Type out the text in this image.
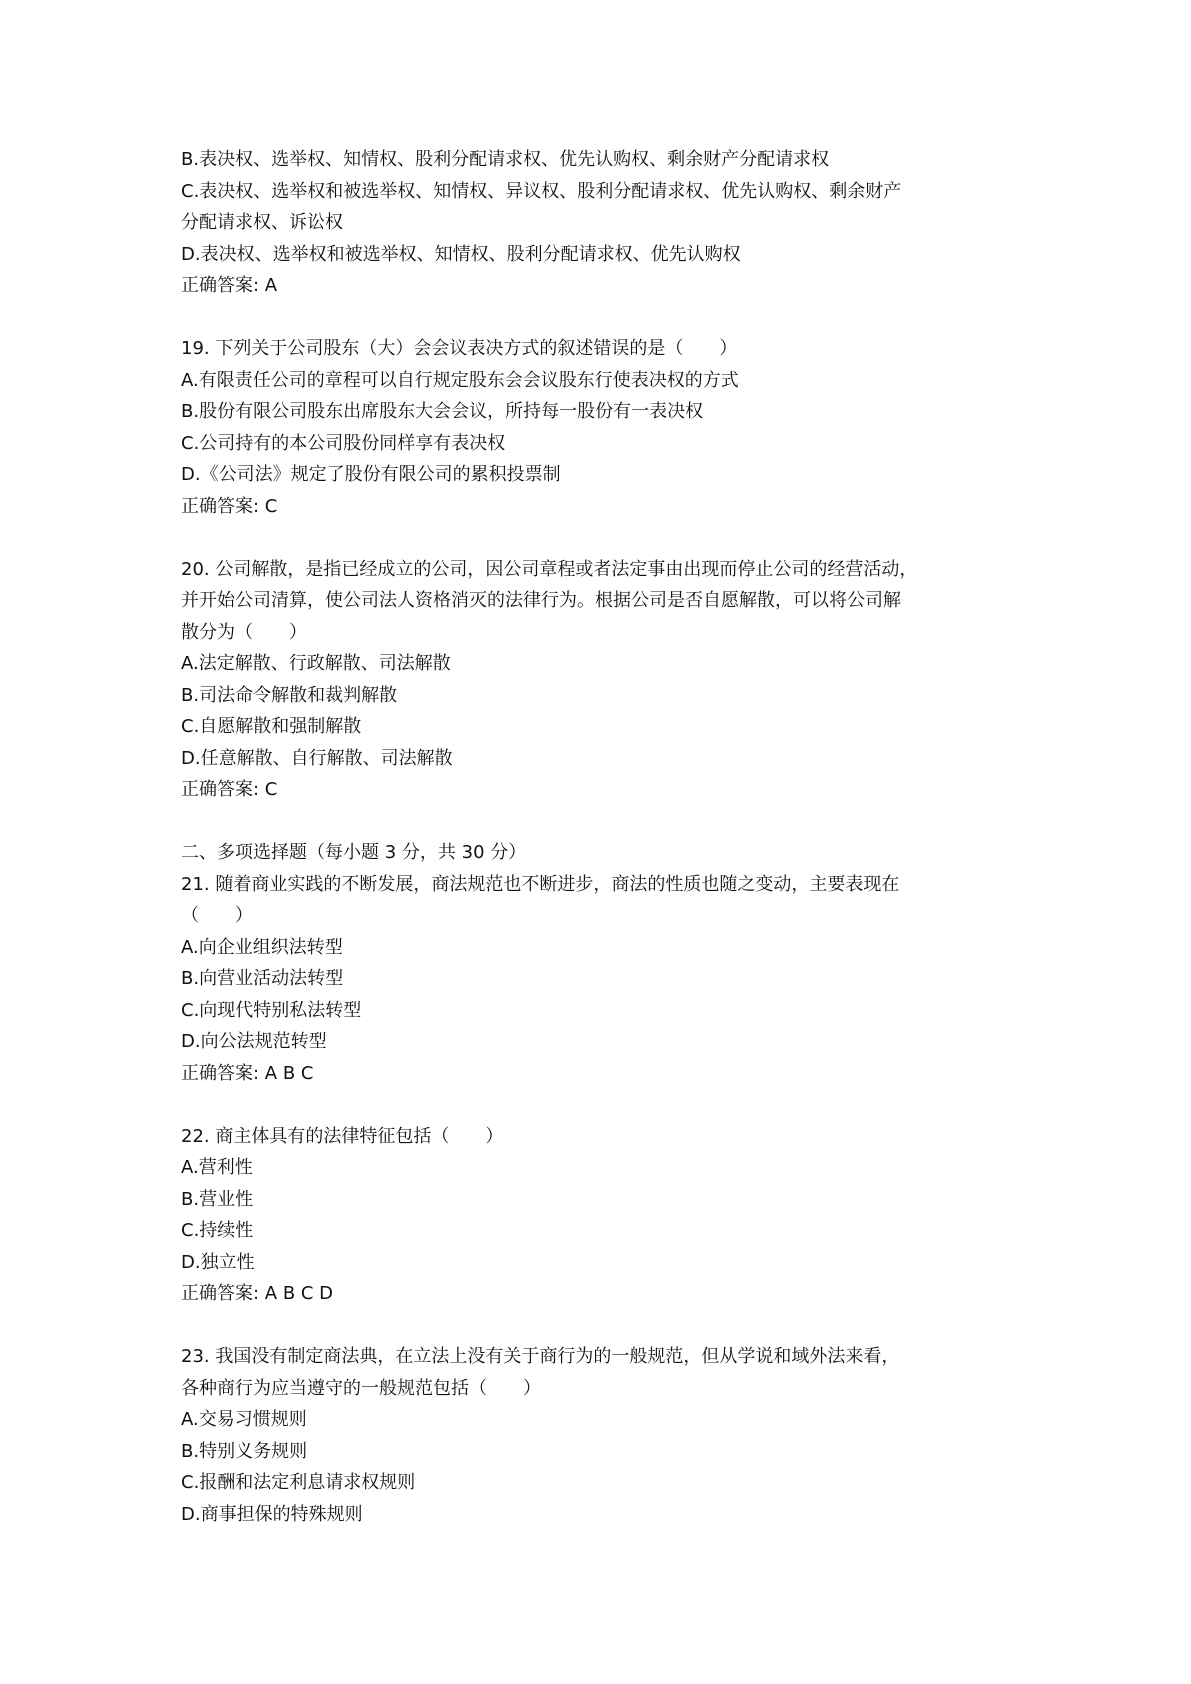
B.表决权、选举权、知情权、股利分配请求权、优先认购权、剩余财产分配请求权
C.表决权、选举权和被选举权、知情权、异议权、股利分配请求权、优先认购权、剩余财产
分配请求权、诉讼权
D.表决权、选举权和被选举权、知情权、股利分配请求权、优先认购权
正确答案: A
19. 下列关于公司股东（大）会会议表决方式的叙述错误的是（　　）
A.有限责任公司的章程可以自行规定股东会会议股东行使表决权的方式
B.股份有限公司股东出席股东大会会议，所持每一股份有一表决权
C.公司持有的本公司股份同样享有表决权
D.《公司法》规定了股份有限公司的累积投票制
正确答案: C
20. 公司解散，是指已经成立的公司，因公司章程或者法定事由出现而停止公司的经营活动，
并开始公司清算，使公司法人资格消灭的法律行为。根据公司是否自愿解散，可以将公司解
散分为（　　）
A.法定解散、行政解散、司法解散
B.司法命令解散和裁判解散
C.自愿解散和强制解散
D.任意解散、自行解散、司法解散
正确答案: C
二、多项选择题（每小题 3 分，共 30 分）
21. 随着商业实践的不断发展，商法规范也不断进步，商法的性质也随之变动，主要表现在
（　　）
A.向企业组织法转型
B.向营业活动法转型
C.向现代特别私法转型
D.向公法规范转型
正确答案: A B C
22. 商主体具有的法律特征包括（　　）
A.营利性
B.营业性
C.持续性
D.独立性
正确答案: A B C D
23. 我国没有制定商法典，在立法上没有关于商行为的一般规范，但从学说和域外法来看，
各种商行为应当遵守的一般规范包括（　　）
A.交易习惯规则
B.特别义务规则
C.报酬和法定利息请求权规则
D.商事担保的特殊规则
